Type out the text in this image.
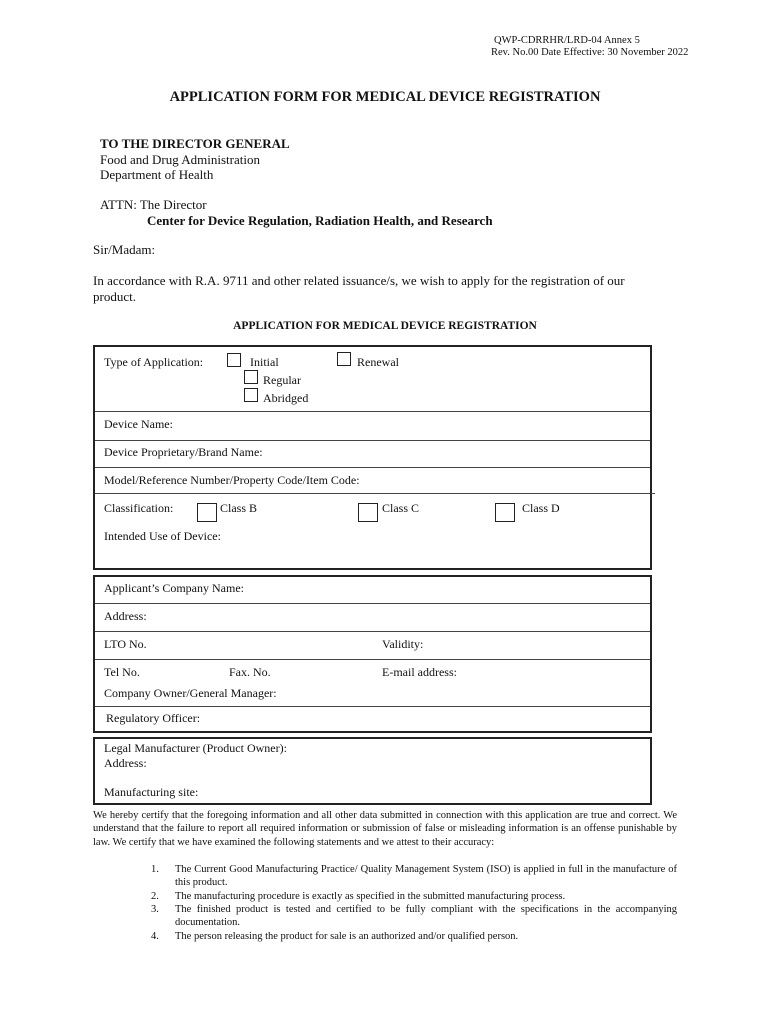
QWP-CDRRHR/LRD-04 Annex 5
Rev. No.00 Date Effective: 30 November 2022
APPLICATION FORM FOR MEDICAL DEVICE REGISTRATION
TO THE DIRECTOR GENERAL
Food and Drug Administration
Department of Health
ATTN: The Director
Center for Device Regulation, Radiation Health, and Research
Sir/Madam:
In accordance with R.A. 9711 and other related issuance/s, we wish to apply for the registration of our
product.
APPLICATION FOR MEDICAL DEVICE REGISTRATION
Type of Application:	Initial	Renewal
Regular
Abridged
Device Name:
Device Proprietary/Brand Name:
Model/Reference Number/Property Code/Item Code:
Classification:	Class B	Class C	Class D
Intended Use of Device:
Applicant’s Company Name:
Address:
LTO No.	Validity:
Tel No.	Fax. No.	E-mail address:
Company Owner/General Manager:
Regulatory Officer:
Legal Manufacturer (Product Owner):
Address:
Manufacturing site:
We hereby certify that the foregoing information and all other data submitted in connection with this application are true and correct. We understand that the failure to report all required information or submission of false or misleading information is an offense punishable by law. We certify that we have examined the following statements and we attest to their accuracy:
1. The Current Good Manufacturing Practice/ Quality Management System (ISO) is applied in full in the manufacture of this product.
2. The manufacturing procedure is exactly as specified in the submitted manufacturing process.
3. The finished product is tested and certified to be fully compliant with the specifications in the accompanying documentation.
4. The person releasing the product for sale is an authorized and/or qualified person.
